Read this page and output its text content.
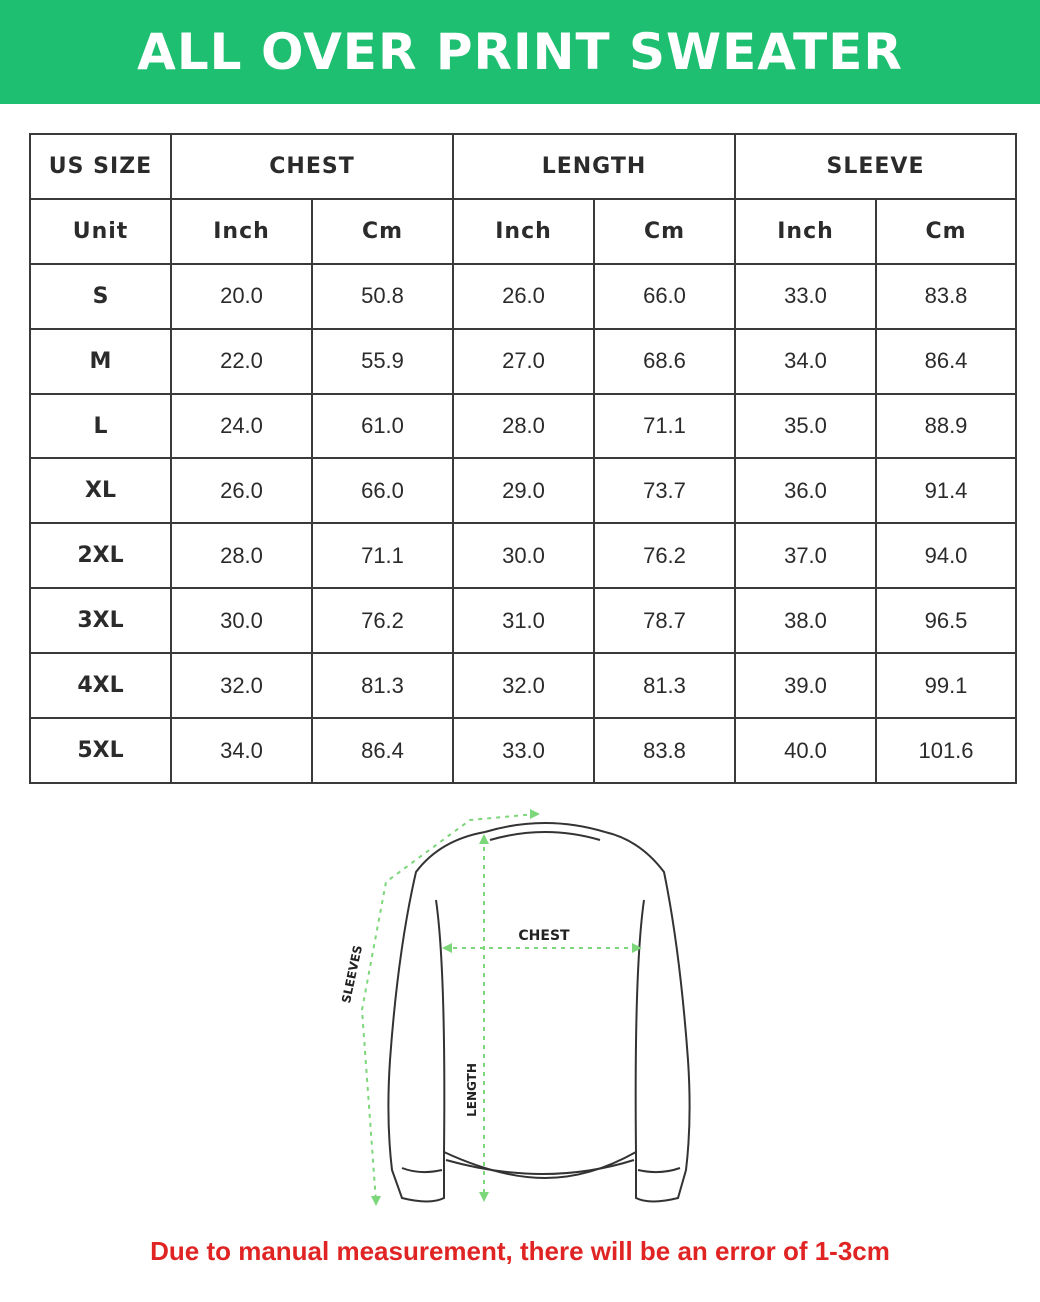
ALL OVER PRINT SWEATER
US SIZE	CHEST		LENGTH		SLEEVE	
Unit	Inch	Cm	Inch	Cm	Inch	Cm
S	20.0	50.8	26.0	66.0	33.0	83.8
M	22.0	55.9	27.0	68.6	34.0	86.4
L	24.0	61.0	28.0	71.1	35.0	88.9
XL	26.0	66.0	29.0	73.7	36.0	91.4
2XL	28.0	71.1	30.0	76.2	37.0	94.0
3XL	30.0	76.2	31.0	78.7	38.0	96.5
4XL	32.0	81.3	32.0	81.3	39.0	99.1
5XL	34.0	86.4	33.0	83.8	40.0	101.6
CHEST
SLEEVES
LENGTH
Due to manual measurement, there will be an error of 1-3cm
